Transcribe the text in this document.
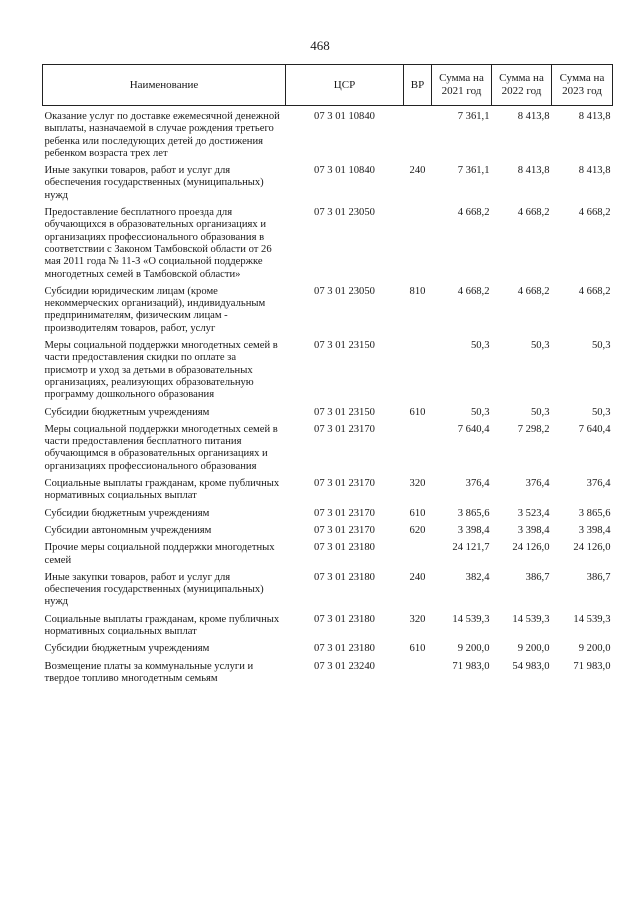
468
Наименование	ЦСР	ВР	Сумма на 2021 год	Сумма на 2022 год	Сумма на 2023 год
Оказание услуг по доставке ежемесячной денежной выплаты, назначаемой в случае рождения третьего ребенка или последующих детей до достижения ребенком возраста трех лет	07 3 01 10840		7 361,1	8 413,8	8 413,8
Иные закупки товаров, работ и услуг для обеспечения государственных (муниципальных) нужд	07 3 01 10840	240	7 361,1	8 413,8	8 413,8
Предоставление бесплатного проезда для обучающихся в образовательных организациях и организациях профессионального образования в соответствии с Законом Тамбовской области от 26 мая 2011 года № 11-З «О социальной поддержке многодетных семей в Тамбовской области»	07 3 01 23050		4 668,2	4 668,2	4 668,2
Субсидии юридическим лицам (кроме некоммерческих организаций), индивидуальным предпринимателям, физическим лицам - производителям товаров, работ, услуг	07 3 01 23050	810	4 668,2	4 668,2	4 668,2
Меры социальной поддержки многодетных семей в части предоставления скидки по оплате за присмотр и уход за детьми в образовательных организациях, реализующих образовательную программу дошкольного образования	07 3 01 23150		50,3	50,3	50,3
Субсидии бюджетным учреждениям	07 3 01 23150	610	50,3	50,3	50,3
Меры социальной поддержки многодетных семей в части предоставления бесплатного питания обучающимся в образовательных организациях и организациях профессионального образования	07 3 01 23170		7 640,4	7 298,2	7 640,4
Социальные выплаты гражданам, кроме публичных нормативных социальных выплат	07 3 01 23170	320	376,4	376,4	376,4
Субсидии бюджетным учреждениям	07 3 01 23170	610	3 865,6	3 523,4	3 865,6
Субсидии автономным учреждениям	07 3 01 23170	620	3 398,4	3 398,4	3 398,4
Прочие меры социальной поддержки многодетных семей	07 3 01 23180		24 121,7	24 126,0	24 126,0
Иные закупки товаров, работ и услуг для обеспечения государственных (муниципальных) нужд	07 3 01 23180	240	382,4	386,7	386,7
Социальные выплаты гражданам, кроме публичных нормативных социальных выплат	07 3 01 23180	320	14 539,3	14 539,3	14 539,3
Субсидии бюджетным учреждениям	07 3 01 23180	610	9 200,0	9 200,0	9 200,0
Возмещение платы за коммунальные услуги и твердое топливо многодетным семьям	07 3 01 23240		71 983,0	54 983,0	71 983,0
